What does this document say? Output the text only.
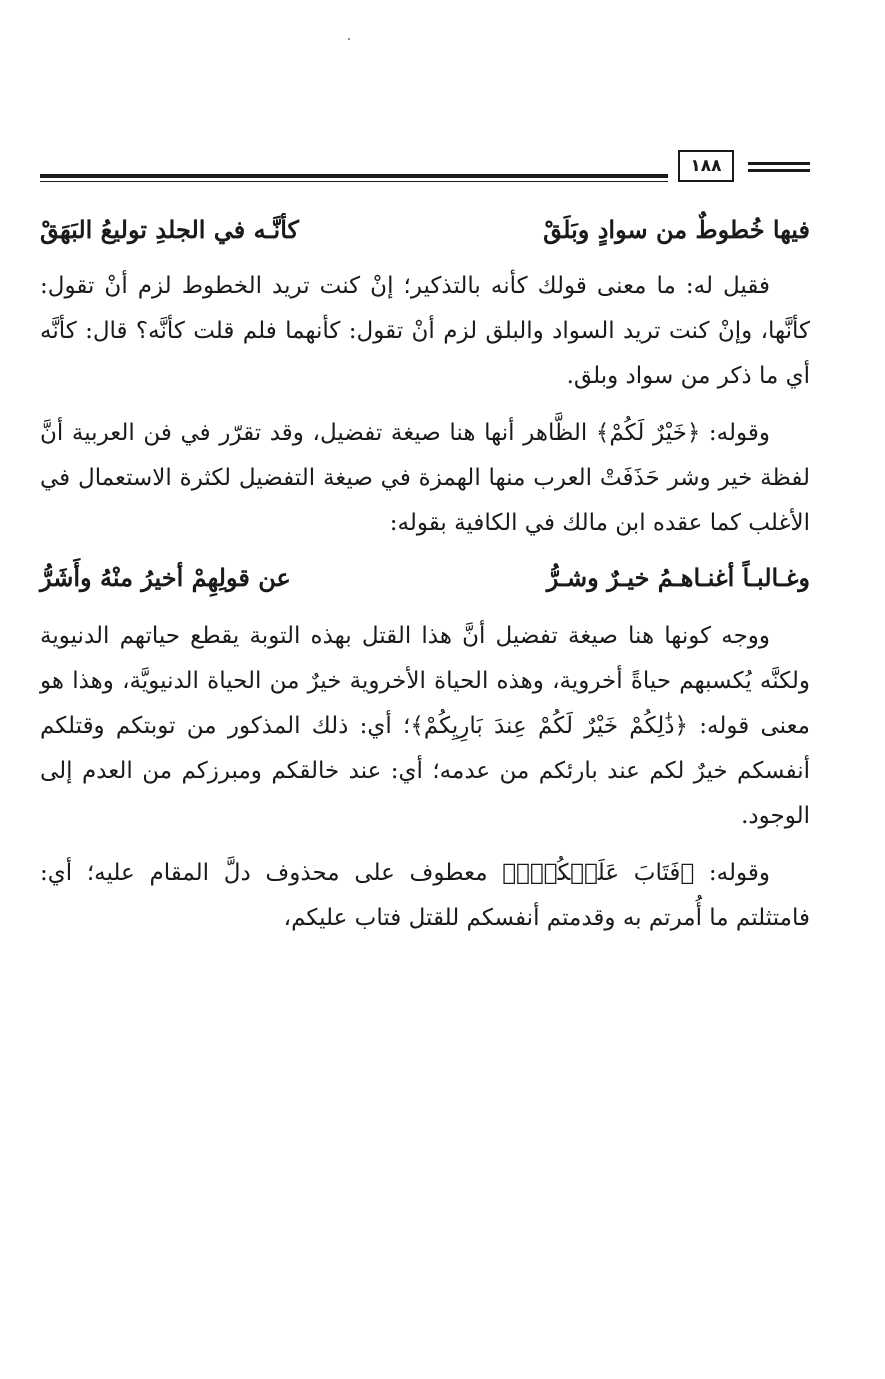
١٨٨
فيها خُطوطٌ من سوادٍ وبَلَقْ
كأنَّـه في الجلدِ توليعُ البَهَقْ

فقيل له: ما معنى قولك كأنه بالتذكير؛ إنْ كنت تريد الخطوط لزم أنْ تقول: كأنَّها، وإنْ كنت تريد السواد والبلق لزم أنْ تقول: كأنهما فلم قلت كأنَّه؟ قال: كأنَّه أي ما ذكر من سواد وبلق.

وقوله: ﴿خَيْرٌ لَكُمْ﴾ الظَّاهر أنها هنا صيغة تفضيل، وقد تقرّر في فن العربية أنَّ لفظة خير وشر حَذَفَتْ العرب منها الهمزة في صيغة التفضيل لكثرة الاستعمال في الأغلب كما عقده ابن مالك في الكافية بقوله:

وغـالبـاً أغنـاهـمُ خيـرٌ وشـرُّ
عن قولِهِمْ أخيرُ منْهُ وأَشَرُّ

ووجه كونها هنا صيغة تفضيل أنَّ هذا القتل بهذه التوبة يقطع حياتهم الدنيوية ولكنَّه يُكسبهم حياةً أخروية، وهذه الحياة الأخروية خيرٌ من الحياة الدنيويَّة، وهذا هو معنى قوله: ﴿ذَٰلِكُمْ خَيْرٌ لَكُمْ عِندَ بَارِيِكُمْ﴾؛ أي: ذلك المذكور من توبتكم وقتلكم أنفسكم خيرٌ لكم عند بارئكم من عدمه؛ أي: عند خالقكم ومبرزكم من العدم إلى الوجود.

وقوله: ﴿فَتَابَ عَلَيۡكُمۡۚ﴾ معطوف على محذوف دلَّ المقام عليه؛ أي: فامتثلتم ما أُمرتم به وقدمتم أنفسكم للقتل فتاب عليكم،
